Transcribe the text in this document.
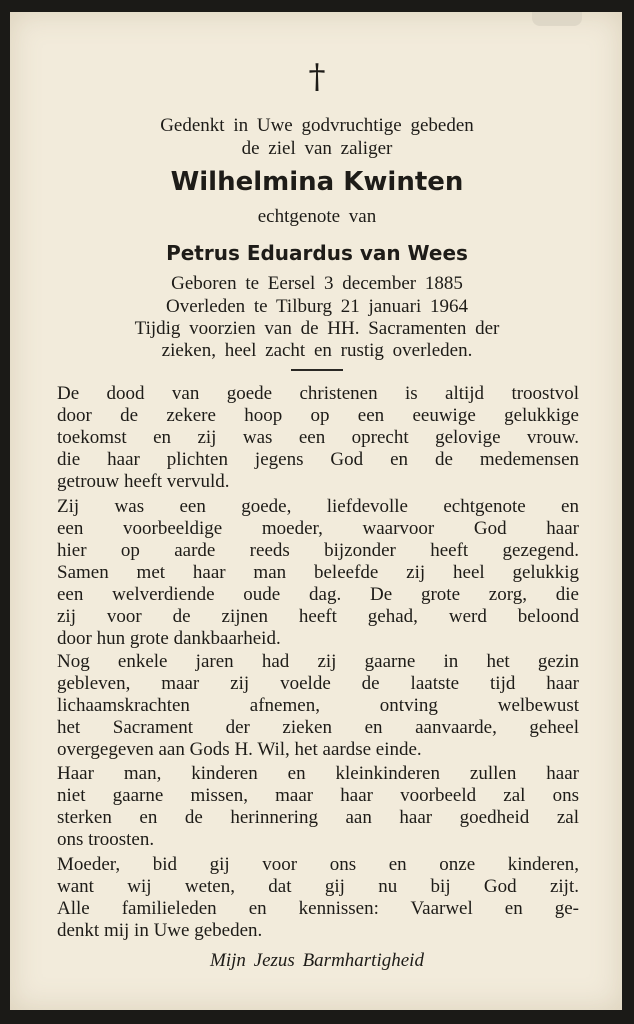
†
Gedenkt in Uwe godvruchtige gebeden
de ziel van zaliger
Wilhelmina Kwinten
echtgenote van
Petrus Eduardus van Wees
Geboren te Eersel 3 december 1885
Overleden te Tilburg 21 januari 1964
Tijdig voorzien van de HH. Sacramenten der
zieken, heel zacht en rustig overleden.
De dood van goede christenen is altijd troostvol
door de zekere hoop op een eeuwige gelukkige
toekomst en zij was een oprecht gelovige vrouw.
die haar plichten jegens God en de medemensen
getrouw heeft vervuld.
Zij was een goede, liefdevolle echtgenote en
een voorbeeldige moeder, waarvoor God haar
hier op aarde reeds bijzonder heeft gezegend.
Samen met haar man beleefde zij heel gelukkig
een welverdiende oude dag. De grote zorg, die
zij voor de zijnen heeft gehad, werd beloond
door hun grote dankbaarheid.
Nog enkele jaren had zij gaarne in het gezin
gebleven, maar zij voelde de laatste tijd haar
lichaamskrachten afnemen, ontving welbewust
het Sacrament der zieken en aanvaarde, geheel
overgegeven aan Gods H. Wil, het aardse einde.
Haar man, kinderen en kleinkinderen zullen haar
niet gaarne missen, maar haar voorbeeld zal ons
sterken en de herinnering aan haar goedheid zal
ons troosten.
Moeder, bid gij voor ons en onze kinderen,
want wij weten, dat gij nu bij God zijt.
Alle familieleden en kennissen: Vaarwel en ge-
denkt mij in Uwe gebeden.
Mijn Jezus Barmhartigheid
